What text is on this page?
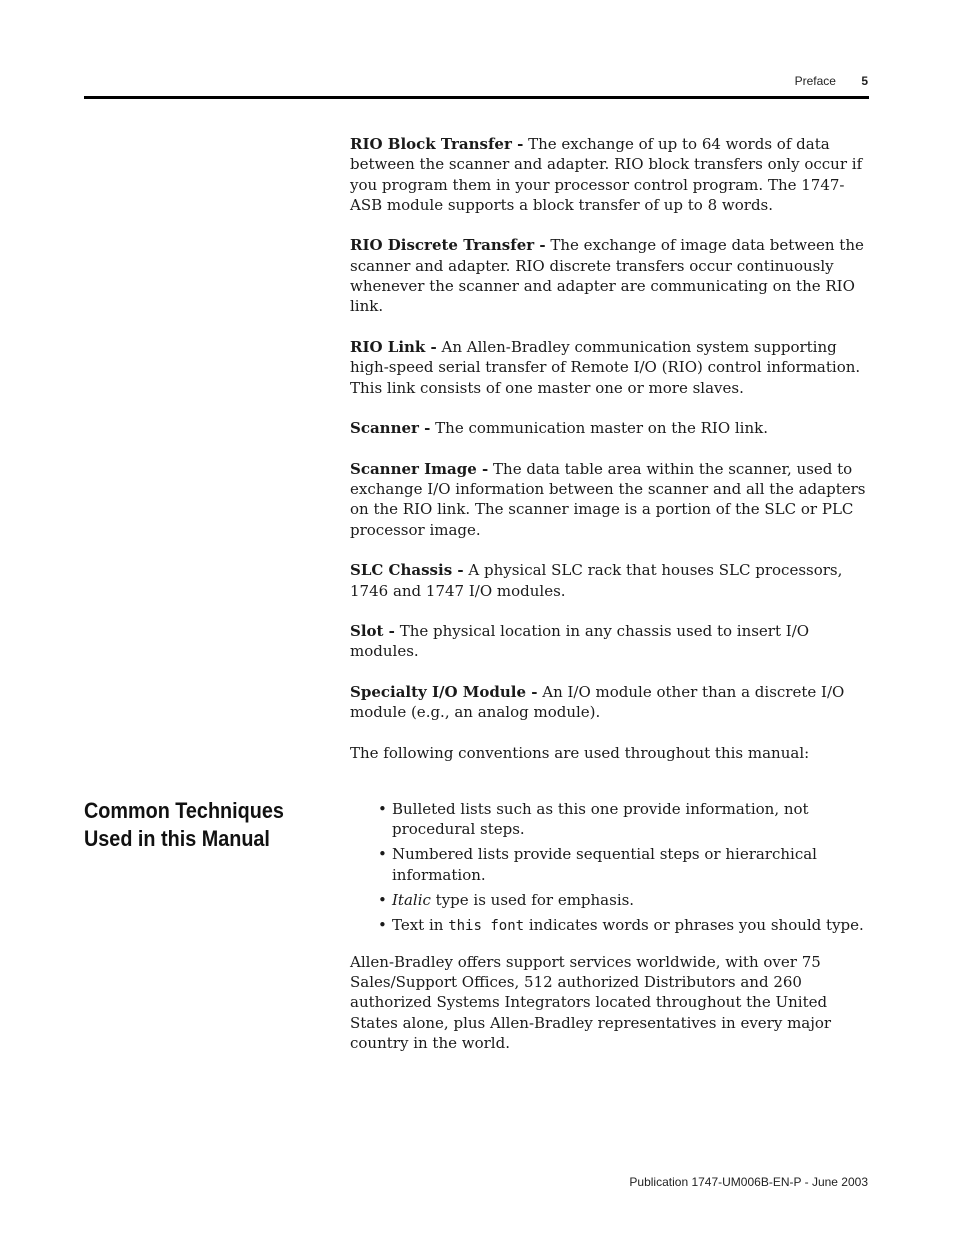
Preface 5

RIO Block Transfer - The exchange of up to 64 words of data between the scanner and adapter. RIO block transfers only occur if you program them in your processor control program. The 1747-ASB module supports a block transfer of up to 8 words.

RIO Discrete Transfer - The exchange of image data between the scanner and adapter. RIO discrete transfers occur continuously whenever the scanner and adapter are communicating on the RIO link.

RIO Link - An Allen-Bradley communication system supporting high-speed serial transfer of Remote I/O (RIO) control information. This link consists of one master one or more slaves.

Scanner - The communication master on the RIO link.

Scanner Image - The data table area within the scanner, used to exchange I/O information between the scanner and all the adapters on the RIO link. The scanner image is a portion of the SLC or PLC processor image.

SLC Chassis - A physical SLC rack that houses SLC processors, 1746 and 1747 I/O modules.

Slot - The physical location in any chassis used to insert I/O modules.

Specialty I/O Module - An I/O module other than a discrete I/O module (e.g., an analog module).

The following conventions are used throughout this manual:

Common Techniques Used in this Manual
• Bulleted lists such as this one provide information, not procedural steps.
• Numbered lists provide sequential steps or hierarchical information.
• Italic type is used for emphasis.
• Text in this font indicates words or phrases you should type.

Allen-Bradley offers support services worldwide, with over 75 Sales/Support Offices, 512 authorized Distributors and 260 authorized Systems Integrators located throughout the United States alone, plus Allen-Bradley representatives in every major country in the world.

Publication 1747-UM006B-EN-P - June 2003
